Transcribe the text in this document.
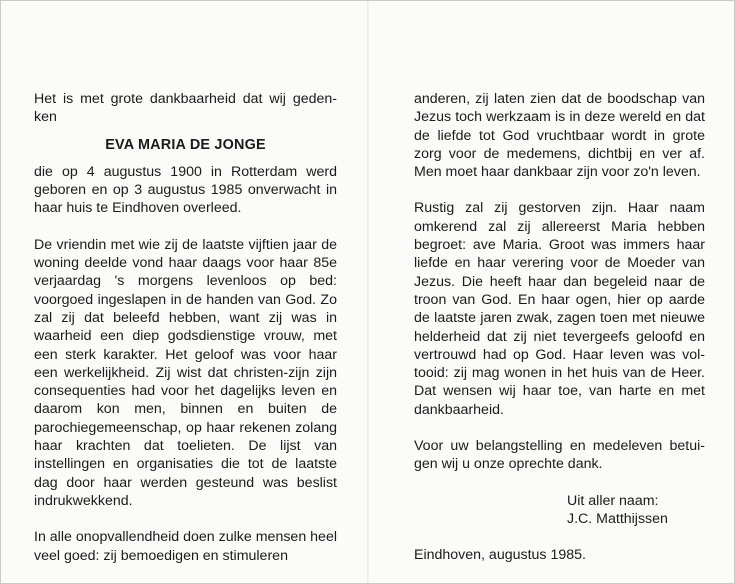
Het is met grote dankbaarheid dat wij geden-ken

EVA MARIA DE JONGE

die op 4 augustus 1900 in Rotterdam werd geboren en op 3 augustus 1985 onverwacht in haar huis te Eindhoven overleed.

De vriendin met wie zij de laatste vijftien jaar de woning deelde vond haar daags voor haar 85e verjaardag 's morgens levenloos op bed: voorgoed ingeslapen in de handen van God. Zo zal zij dat beleefd hebben, want zij was in waarheid een diep godsdienstige vrouw, met een sterk karakter. Het geloof was voor haar een werkelijkheid. Zij wist dat christen-zijn zijn consequenties had voor het dagelijks leven en daarom kon men, binnen en buiten de parochiegemeenschap, op haar rekenen zolang haar krachten dat toelieten. De lijst van instellingen en organisaties die tot de laatste dag door haar werden gesteund was beslist indrukwekkend.

In alle onopvallendheid doen zulke mensen heel veel goed: zij bemoedigen en stimuleren

anderen, zij laten zien dat de boodschap van Jezus toch werkzaam is in deze wereld en dat de liefde tot God vruchtbaar wordt in grote zorg voor de medemens, dichtbij en ver af. Men moet haar dankbaar zijn voor zo'n leven.

Rustig zal zij gestorven zijn. Haar naam omkerend zal zij allereerst Maria hebben begroet: ave Maria. Groot was immers haar liefde en haar verering voor de Moeder van Jezus. Die heeft haar dan begeleid naar de troon van God. En haar ogen, hier op aarde de laatste jaren zwak, zagen toen met nieuwe helderheid dat zij niet tevergeefs geloofd en vertrouwd had op God. Haar leven was vol-tooid: zij mag wonen in het huis van de Heer. Dat wensen wij haar toe, van harte en met dankbaarheid.

Voor uw belangstelling en medeleven betui-gen wij u onze oprechte dank.

Uit aller naam:

J.C. Matthijssen

Eindhoven, augustus 1985.
